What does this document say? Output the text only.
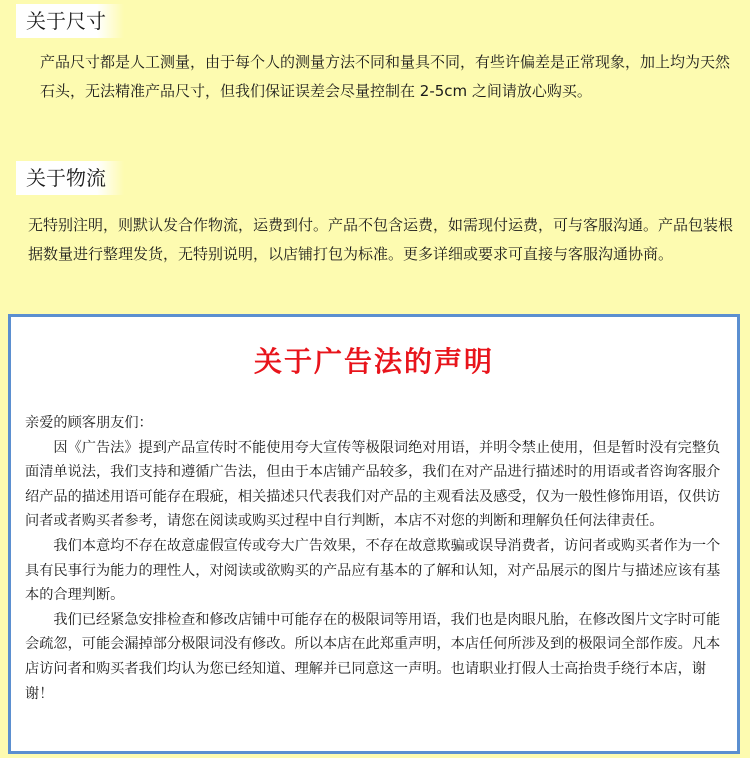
关于尺寸
产品尺寸都是人工测量，由于每个人的测量方法不同和量具不同，有些许偏差是正常现象，加上均为天然石头，无法精准产品尺寸，但我们保证误差会尽量控制在 2-5cm 之间请放心购买。
关于物流
无特别注明，则默认发合作物流，运费到付。产品不包含运费，如需现付运费，可与客服沟通。产品包装根据数量进行整理发货，无特别说明，以店铺打包为标准。更多详细或要求可直接与客服沟通协商。
关于广告法的声明

亲爱的顾客朋友们：

因《广告法》提到产品宣传时不能使用夸大宣传等极限词绝对用语，并明令禁止使用，但是暂时没有完整负面清单说法，我们支持和遵循广告法，但由于本店铺产品较多，我们在对产品进行描述时的用语或者咨询客服介绍产品的描述用语可能存在瑕疵，相关描述只代表我们对产品的主观看法及感受，仅为一般性修饰用语，仅供访问者或者购买者参考，请您在阅读或购买过程中自行判断，本店不对您的判断和理解负任何法律责任。

我们本意均不存在故意虚假宣传或夸大广告效果，不存在故意欺骗或误导消费者，访问者或购买者作为一个具有民事行为能力的理性人，对阅读或欲购买的产品应有基本的了解和认知，对产品展示的图片与描述应该有基本的合理判断。

我们已经紧急安排检查和修改店铺中可能存在的极限词等用语，我们也是肉眼凡胎，在修改图片文字时可能会疏忽，可能会漏掉部分极限词没有修改。所以本店在此郑重声明，本店任何所涉及到的极限词全部作废。凡本店访问者和购买者我们均认为您已经知道、理解并已同意这一声明。也请职业打假人士高抬贵手绕行本店，谢谢！
